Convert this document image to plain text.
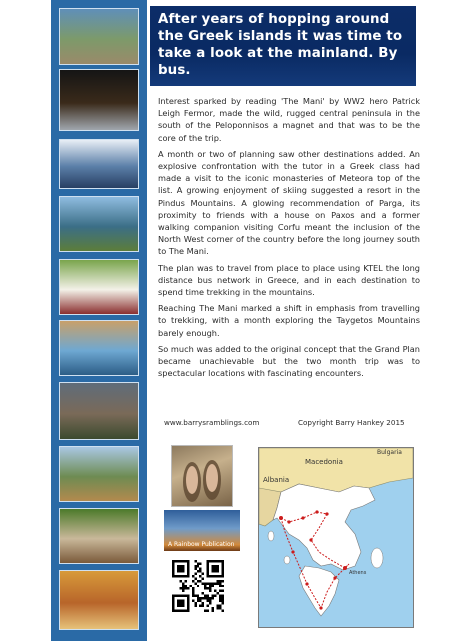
After years of hopping around the Greek islands it was time to take a look at the mainland. By bus.

Interest sparked by reading 'The Mani' by WW2 hero Patrick Leigh Fermor, made the wild, rugged central peninsula in the south of the Peloponnisos a magnet and that was to be the core of the trip.

A month or two of planning saw other destinations added. An explosive confrontation with the tutor in a Greek class had made a visit to the iconic monasteries of Meteora top of the list. A growing enjoyment of skiing suggested a resort in the Pindus Mountains. A glowing recommendation of Parga, its proximity to friends with a house on Paxos and a former walking companion visiting Corfu meant the inclusion of the North West corner of the country before the long journey south to The Mani.

The plan was to travel from place to place using KTEL the long distance bus network in Greece, and in each destination to spend time trekking in the mountains.

Reaching The Mani marked a shift in emphasis from travelling to trekking, with a month exploring the Taygetos Mountains barely enough.

So much was added to the original concept that the Grand Plan became unachievable but the two month trip was to spectacular locations with fascinating encounters.

www.barrysramblings.com	Copyright Barry Hankey 2015
A Rainbow Publication
Macedonia
Bulgaria
Albania
Athens
